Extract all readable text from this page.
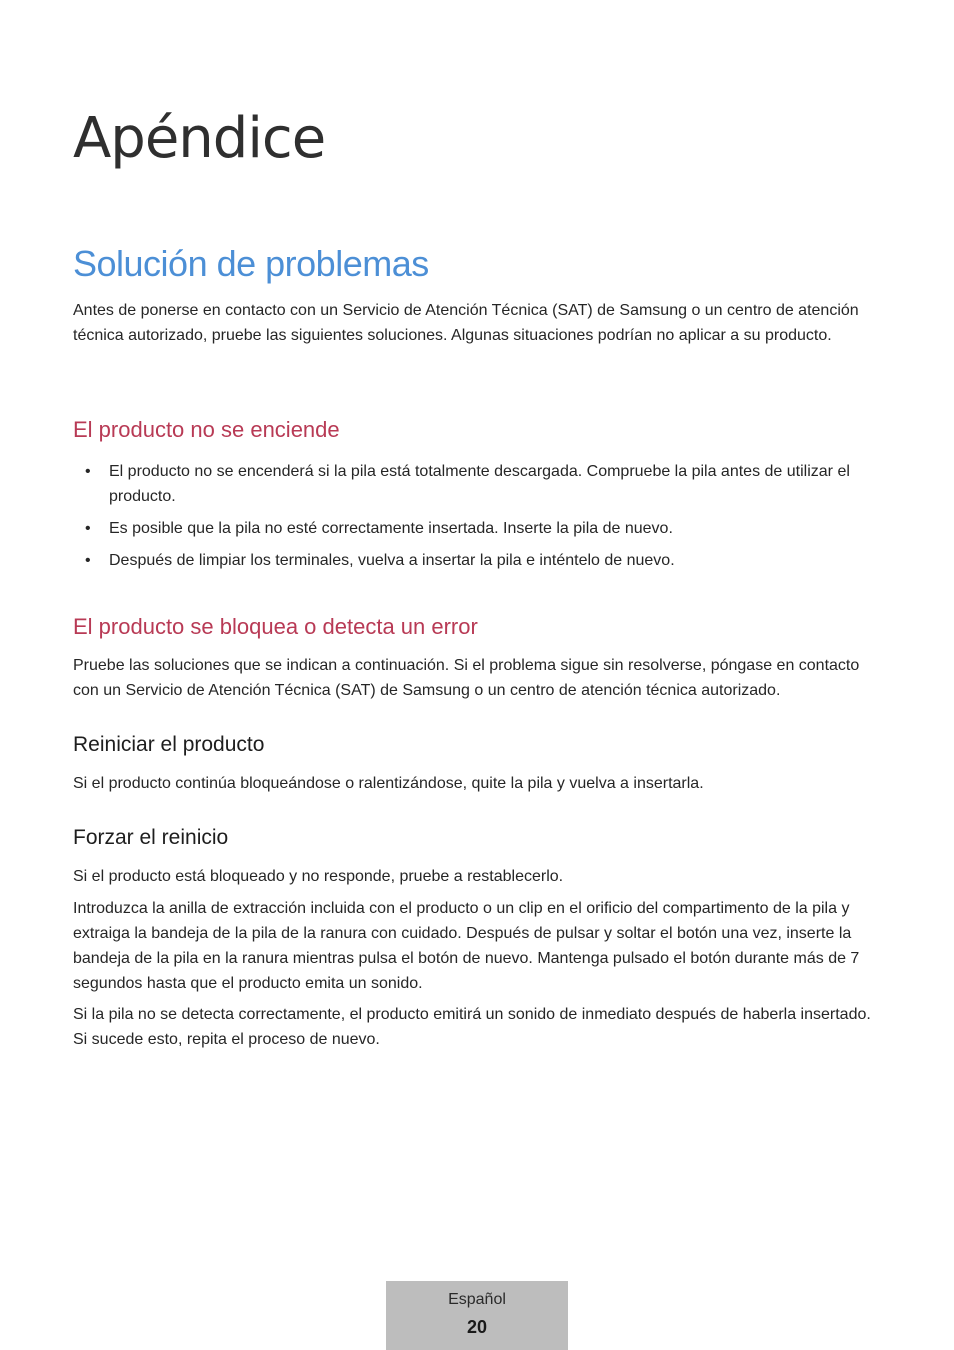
Apéndice
Solución de problemas

Antes de ponerse en contacto con un Servicio de Atención Técnica (SAT) de Samsung o un centro de atención técnica autorizado, pruebe las siguientes soluciones. Algunas situaciones podrían no aplicar a su producto.

El producto no se enciende
• El producto no se encenderá si la pila está totalmente descargada. Compruebe la pila antes de utilizar el producto.
• Es posible que la pila no esté correctamente insertada. Inserte la pila de nuevo.
• Después de limpiar los terminales, vuelva a insertar la pila e inténtelo de nuevo.
El producto se bloquea o detecta un error

Pruebe las soluciones que se indican a continuación. Si el problema sigue sin resolverse, póngase en contacto con un Servicio de Atención Técnica (SAT) de Samsung o un centro de atención técnica autorizado.

Reiniciar el producto

Si el producto continúa bloqueándose o ralentizándose, quite la pila y vuelva a insertarla.

Forzar el reinicio

Si el producto está bloqueado y no responde, pruebe a restablecerlo.

Introduzca la anilla de extracción incluida con el producto o un clip en el orificio del compartimento de la pila y extraiga la bandeja de la pila de la ranura con cuidado. Después de pulsar y soltar el botón una vez, inserte la bandeja de la pila en la ranura mientras pulsa el botón de nuevo. Mantenga pulsado el botón durante más de 7 segundos hasta que el producto emita un sonido.

Si la pila no se detecta correctamente, el producto emitirá un sonido de inmediato después de haberla insertado. Si sucede esto, repita el proceso de nuevo.

Español
20
